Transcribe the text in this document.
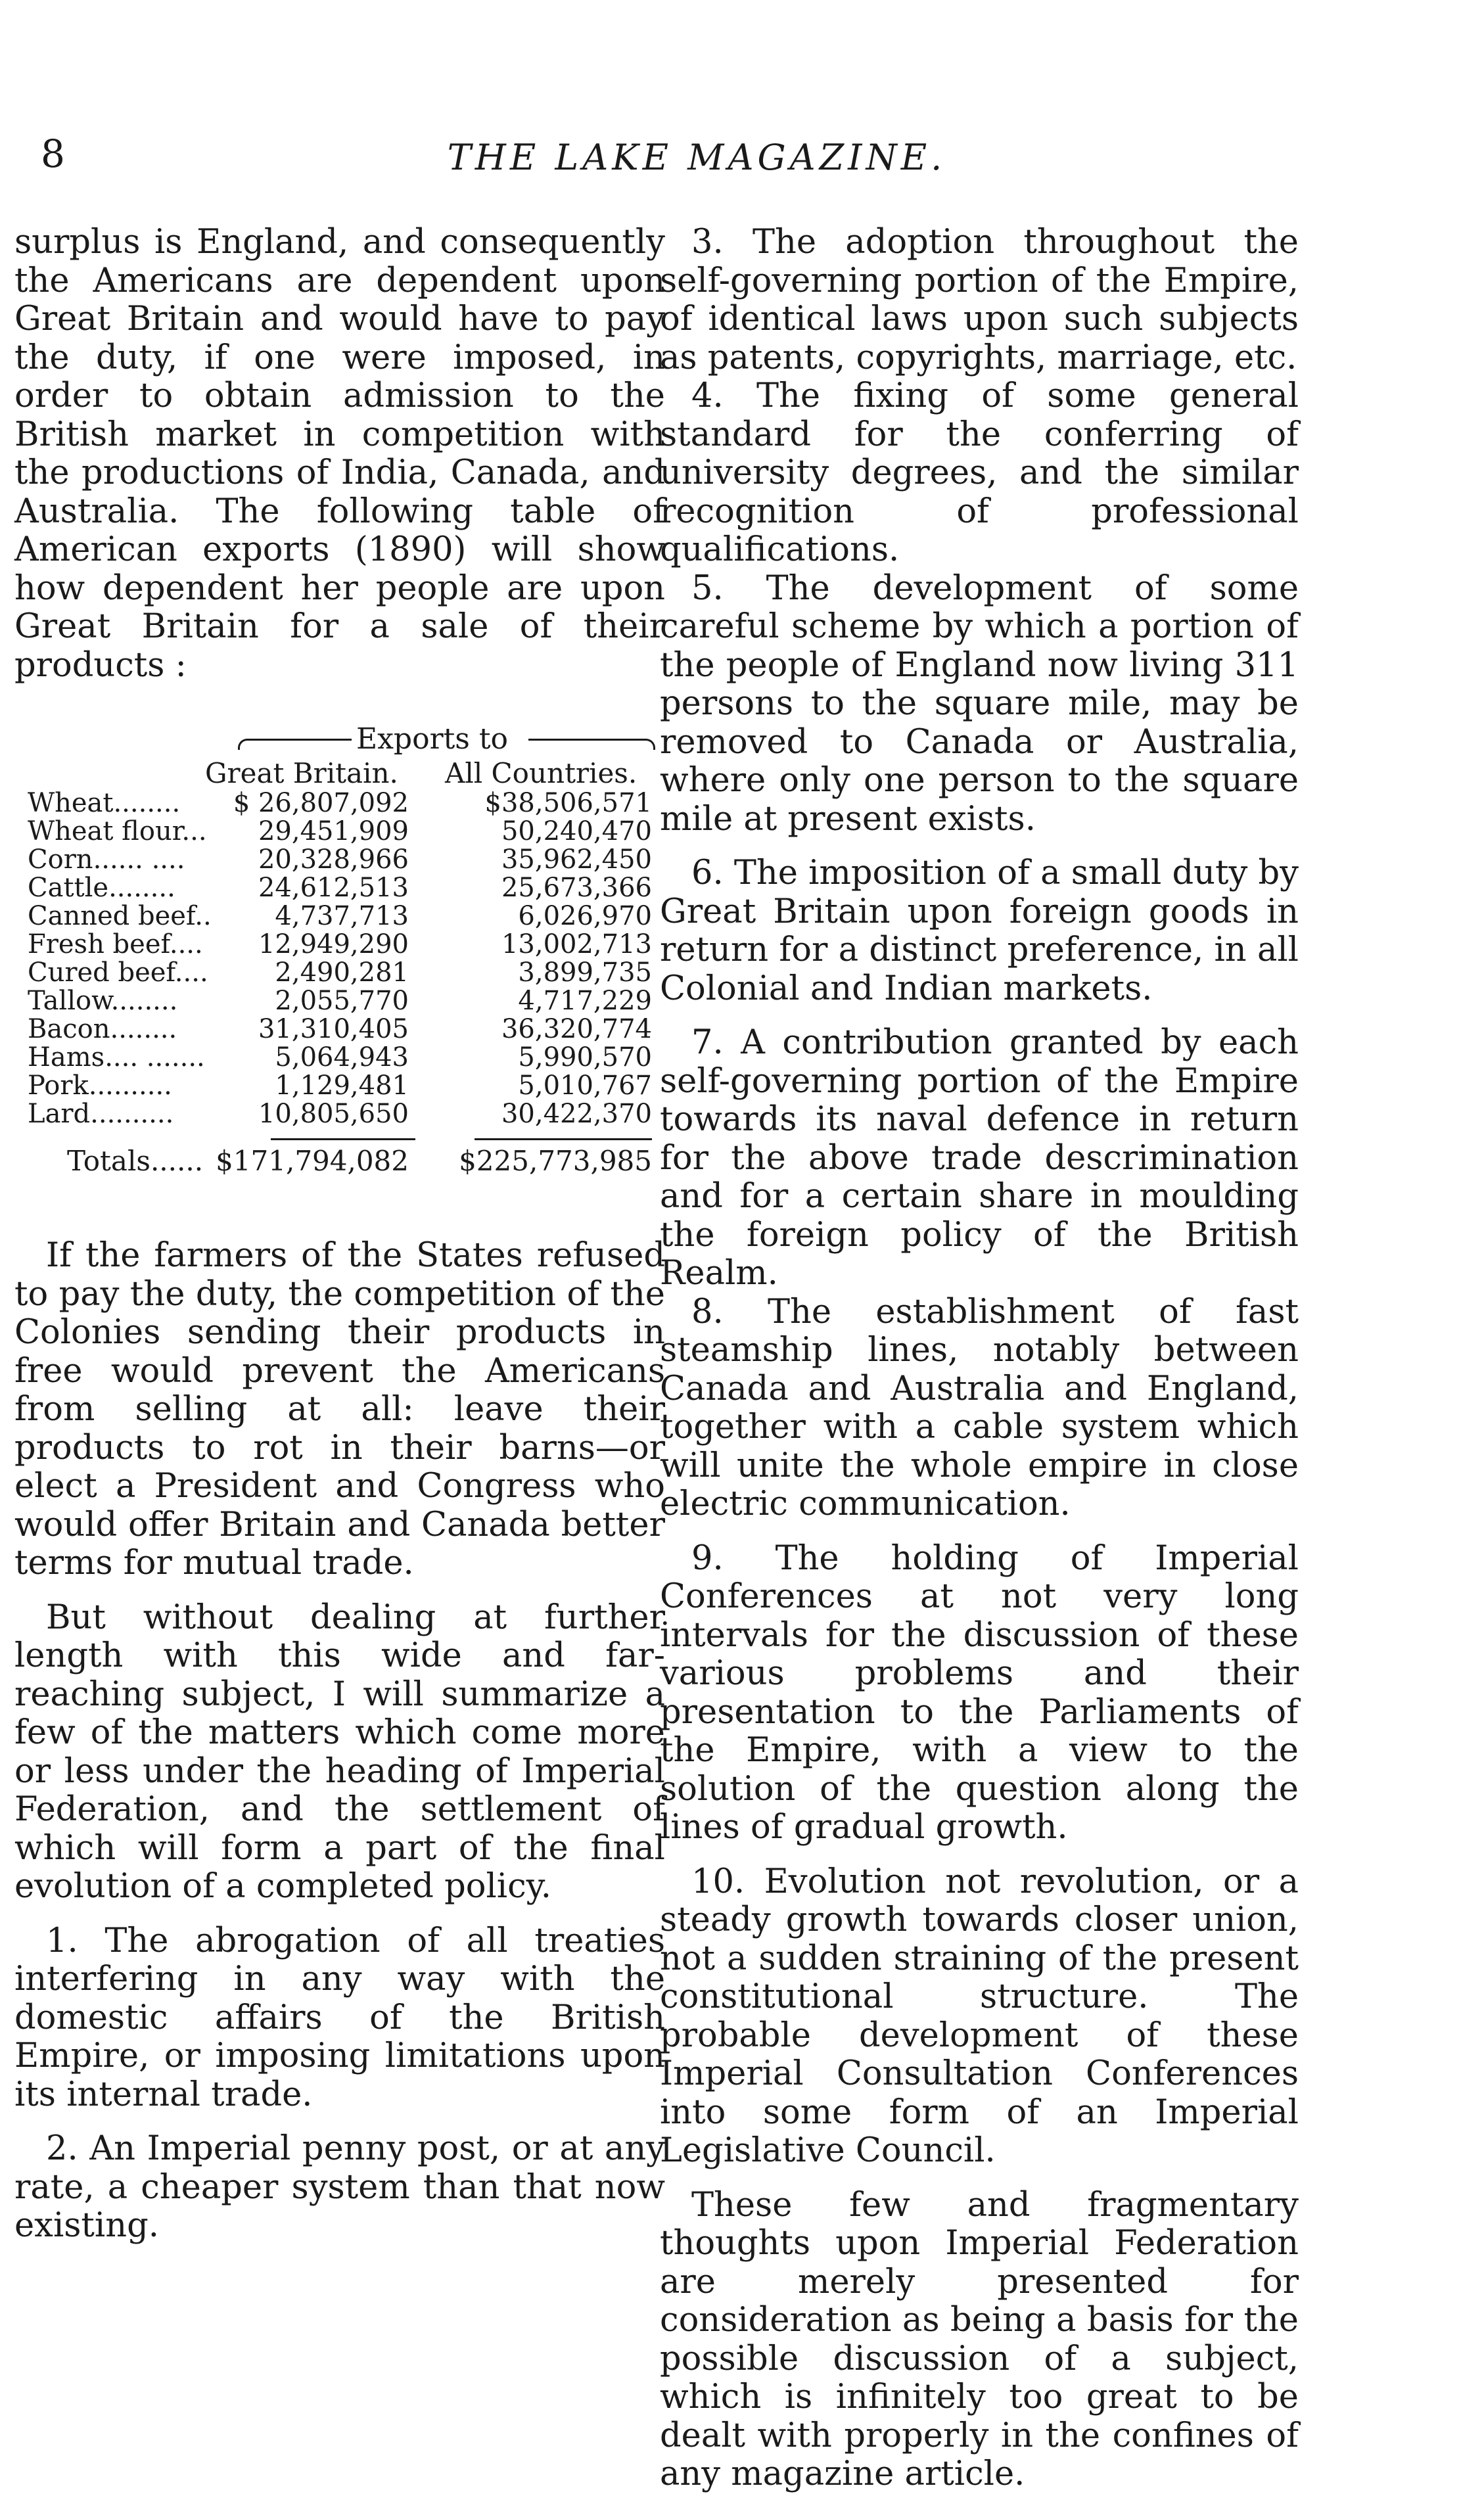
8	THE LAKE MAGAZINE.

surplus is England, and consequently the Americans are dependent upon Great Britain and would have to pay the duty, if one were imposed, in order to obtain admission to the British market in competition with the productions of India, Canada, and Australia. The following table of American exports (1890) will show how dependent her people are upon Great Britain for a sale of their products :

Exports to
Great Britain. All Countries.
Wheat........	$ 26,807,092	$38,506,571
Wheat flour...	29,451,909	50,240,470
Corn...... ....	20,328,966	35,962,450
Cattle........	24,612,513	25,673,366
Canned beef..	4,737,713	6,026,970
Fresh beef....	12,949,290	13,002,713
Cured beef....	2,490,281	3,899,735
Tallow........	2,055,770	4,717,229
Bacon........	31,310,405	36,320,774
Hams.... .......	5,064,943	5,990,570
Pork..........	1,129,481	5,010,767
Lard..........	10,805,650	30,422,370
Totals...... $171,794,082	$225,773,985

If the farmers of the States refused to pay the duty, the competition of the Colonies sending their products in free would prevent the Americans from selling at all: leave their products to rot in their barns—or elect a President and Congress who would offer Britain and Canada better terms for mutual trade.

But without dealing at further length with this wide and far-reaching subject, I will summarize a few of the matters which come more or less under the heading of Imperial Federation, and the settlement of which will form a part of the final evolution of a completed policy.

1. The abrogation of all treaties interfering in any way with the domestic affairs of the British Empire, or imposing limitations upon its internal trade.

2. An Imperial penny post, or at any rate, a cheaper system than that now existing.

3. The adoption throughout the self-governing portion of the Empire, of identical laws upon such subjects as patents, copyrights, marriage, etc.

4. The fixing of some general standard for the conferring of university degrees, and the similar recognition of professional qualifications.

5. The development of some careful scheme by which a portion of the people of England now living 311 persons to the square mile, may be removed to Canada or Australia, where only one person to the square mile at present exists.

6. The imposition of a small duty by Great Britain upon foreign goods in return for a distinct preference, in all Colonial and Indian markets.

7. A contribution granted by each self-governing portion of the Empire towards its naval defence in return for the above trade descrimination and for a certain share in moulding the foreign policy of the British Realm.

8. The establishment of fast steamship lines, notably between Canada and Australia and England, together with a cable system which will unite the whole empire in close electric communication.

9. The holding of Imperial Conferences at not very long intervals for the discussion of these various problems and their presentation to the Parliaments of the Empire, with a view to the solution of the question along the lines of gradual growth.

10. Evolution not revolution, or a steady growth towards closer union, not a sudden straining of the present constitutional structure. The probable development of these Imperial Consultation Conferences into some form of an Imperial Legislative Council.

These few and fragmentary thoughts upon Imperial Federation are merely presented for consideration as being a basis for the possible discussion of a subject, which is infinitely too great to be dealt with properly in the confines of any magazine article.
